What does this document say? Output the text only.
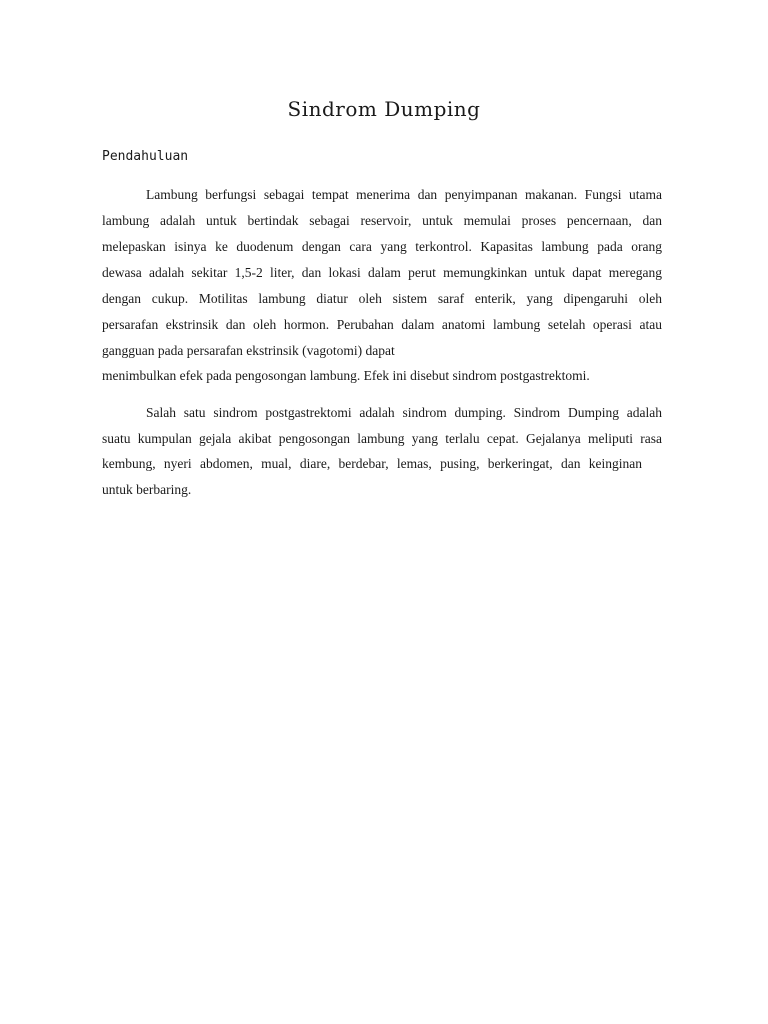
Sindrom Dumping
Pendahuluan
Lambung berfungsi sebagai tempat menerima dan penyimpanan makanan. Fungsi utama
lambung adalah untuk bertindak sebagai reservoir, untuk memulai proses pencernaan, dan
melepaskan isinya ke duodenum dengan cara yang terkontrol. Kapasitas lambung pada orang
dewasa adalah sekitar 1,5-2 liter, dan lokasi dalam perut memungkinkan untuk dapat meregang
dengan cukup. Motilitas lambung diatur oleh sistem saraf enterik, yang dipengaruhi oleh
persarafan ekstrinsik dan oleh hormon. Perubahan dalam anatomi lambung setelah operasi atau
gangguan pada persarafan ekstrinsik (vagotomi) dapat
menimbulkan efek pada pengosongan lambung. Efek ini disebut sindrom postgastrektomi.
Salah satu sindrom postgastrektomi adalah sindrom dumping. Sindrom Dumping adalah
suatu kumpulan gejala akibat pengosongan lambung yang terlalu cepat. Gejalanya meliputi rasa
kembung, nyeri abdomen, mual, diare, berdebar, lemas, pusing, berkeringat, dan keinginan
untuk berbaring.
